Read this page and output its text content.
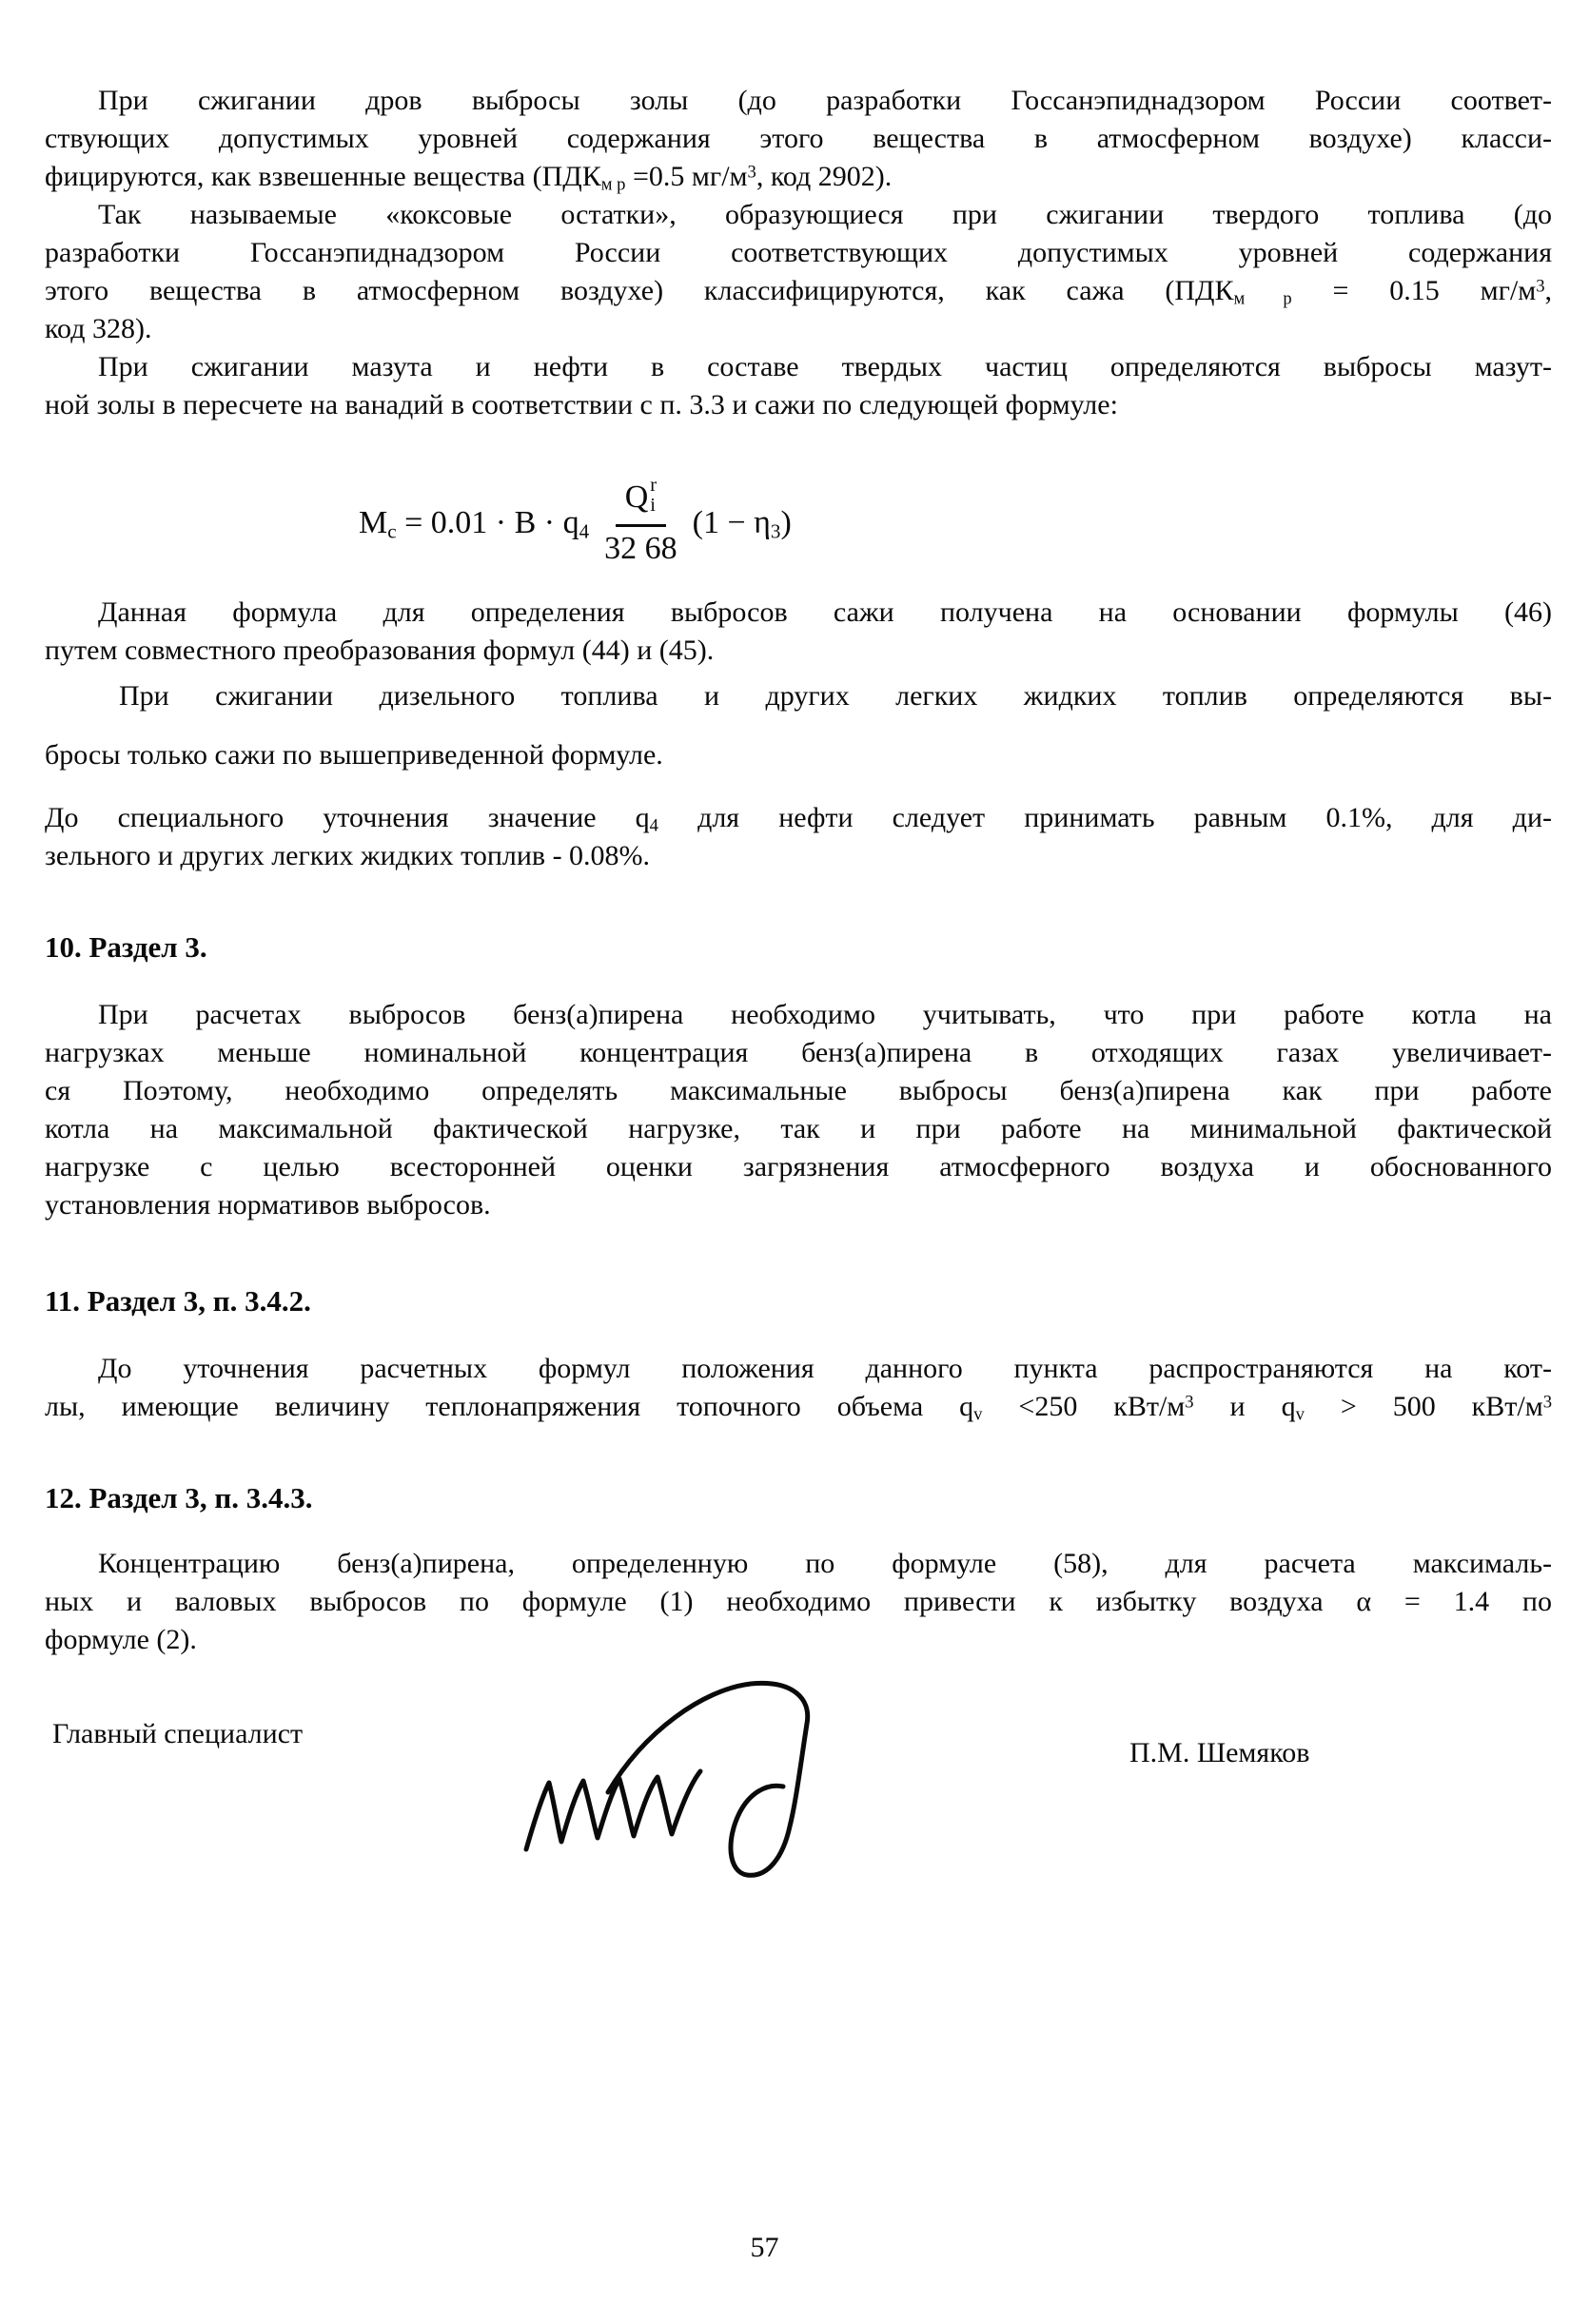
При сжигании дров выбросы золы (до разработки Госсанэпиднадзором России соответ-
ствующих допустимых уровней содержания этого вещества в атмосферном воздухе) класси-
фицируются, как взвешенные вещества ($ПДК_{м р} =0.5$ $мг/м^3$, код 2902).
Так называемые «коксовые остатки», образующиеся при сжигании твердого топлива (до
разработки Госсанэпиднадзором России соответствующих допустимых уровней содержания
этого вещества в атмосферном воздухе) классифицируются, как сажа ($ПДК_{м р} = 0.15$ $мг/м^3$,
код 328).
При сжигании мазута и нефти в составе твердых частиц определяются выбросы мазут-
ной золы в пересчете на ванадий в соответствии с п. 3.3 и сажи по следующей формуле:
$М_с = 0.01 \cdot В \cdot q_4$ Q r
i
32 68 $(1 - \eta_3)$
Данная формула для определения выбросов сажи получена на основании формулы (46)
путем совместного преобразования формул (44) и (45).
При сжигании дизельного топлива и других легких жидких топлив определяются вы-
бросы только сажи по вышеприведенной формуле.
До специального уточнения значение $q_4$ для нефти следует принимать равным 0.1%, для ди-
зельного и других легких жидких топлив - 0.08%.
10. Раздел 3.
При расчетах выбросов бенз(а)пирена необходимо учитывать, что при работе котла на
нагрузках меньше номинальной концентрация бенз(а)пирена в отходящих газах увеличивает-
ся Поэтому, необходимо определять максимальные выбросы бенз(а)пирена как при работе
котла на максимальной фактической нагрузке, так и при работе на минимальной фактической
нагрузке с целью всесторонней оценки загрязнения атмосферного воздуха и обоснованного
установления нормативов выбросов.
11. Раздел 3, п. 3.4.2.
До уточнения расчетных формул положения данного пункта распространяются на кот-
лы, имеющие величину теплонапряжения топочного объема $q_v <250$ кВт/$м^3$ и $q_v > 500$ кВт/$м^3$
12. Раздел 3, п. 3.4.3.
Концентрацию бенз(а)пирена, определенную по формуле (58), для расчета максималь-
ных и валовых выбросов по формуле (1) необходимо привести к избытку воздуха α = 1.4 по
формуле (2).
Главный специалист
П.М. Шемяков
57
